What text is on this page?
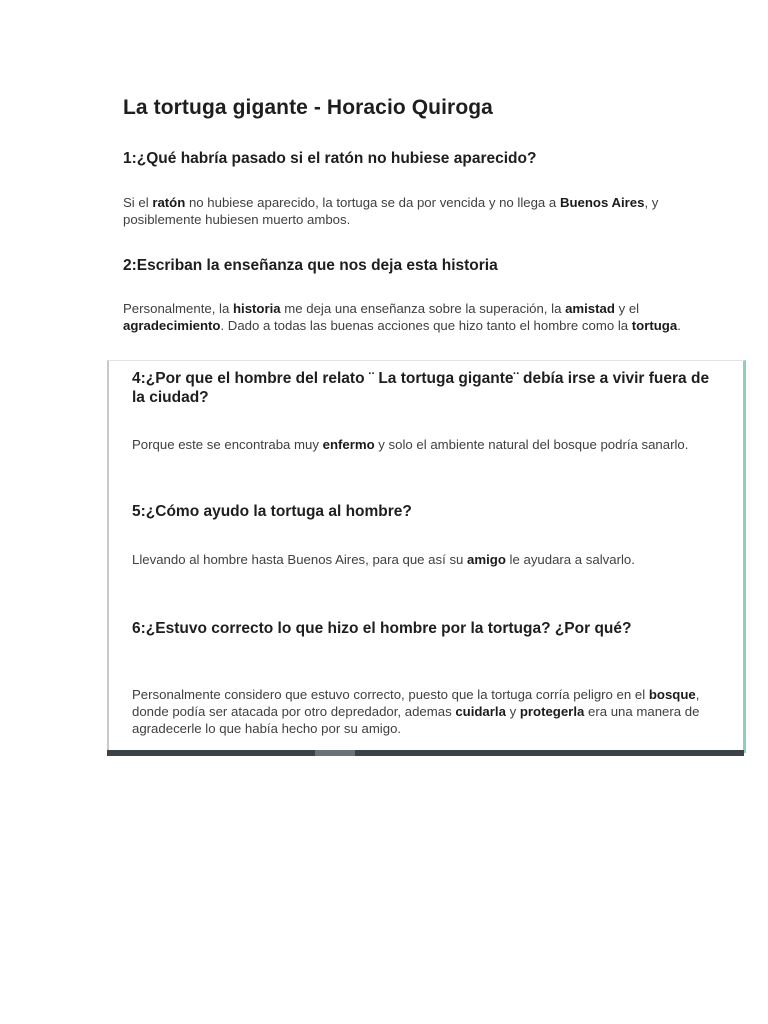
La tortuga gigante - Horacio Quiroga
1:¿Qué habría pasado si el ratón no hubiese aparecido?

Si el ratón no hubiese aparecido, la tortuga se da por vencida y no llega a Buenos Aires, y posiblemente hubiesen muerto ambos.

2:Escriban la enseñanza que nos deja esta historia

Personalmente, la historia me deja una enseñanza sobre la superación, la amistad y el agradecimiento. Dado a todas las buenas acciones que hizo tanto el hombre como la tortuga.

4:¿Por que el hombre del relato ¨ La tortuga gigante¨ debía irse a vivir fuera de la ciudad?

Porque este se encontraba muy enfermo y solo el ambiente natural del bosque podría sanarlo.

5:¿Cómo ayudo la tortuga al hombre?

Llevando al hombre hasta Buenos Aires, para que así su amigo le ayudara a salvarlo.

6:¿Estuvo correcto lo que hizo el hombre por la tortuga? ¿Por qué?

Personalmente considero que estuvo correcto, puesto que la tortuga corría peligro en el bosque, donde podía ser atacada por otro depredador, ademas cuidarla y protegerla era una manera de agradecerle lo que había hecho por su amigo.
